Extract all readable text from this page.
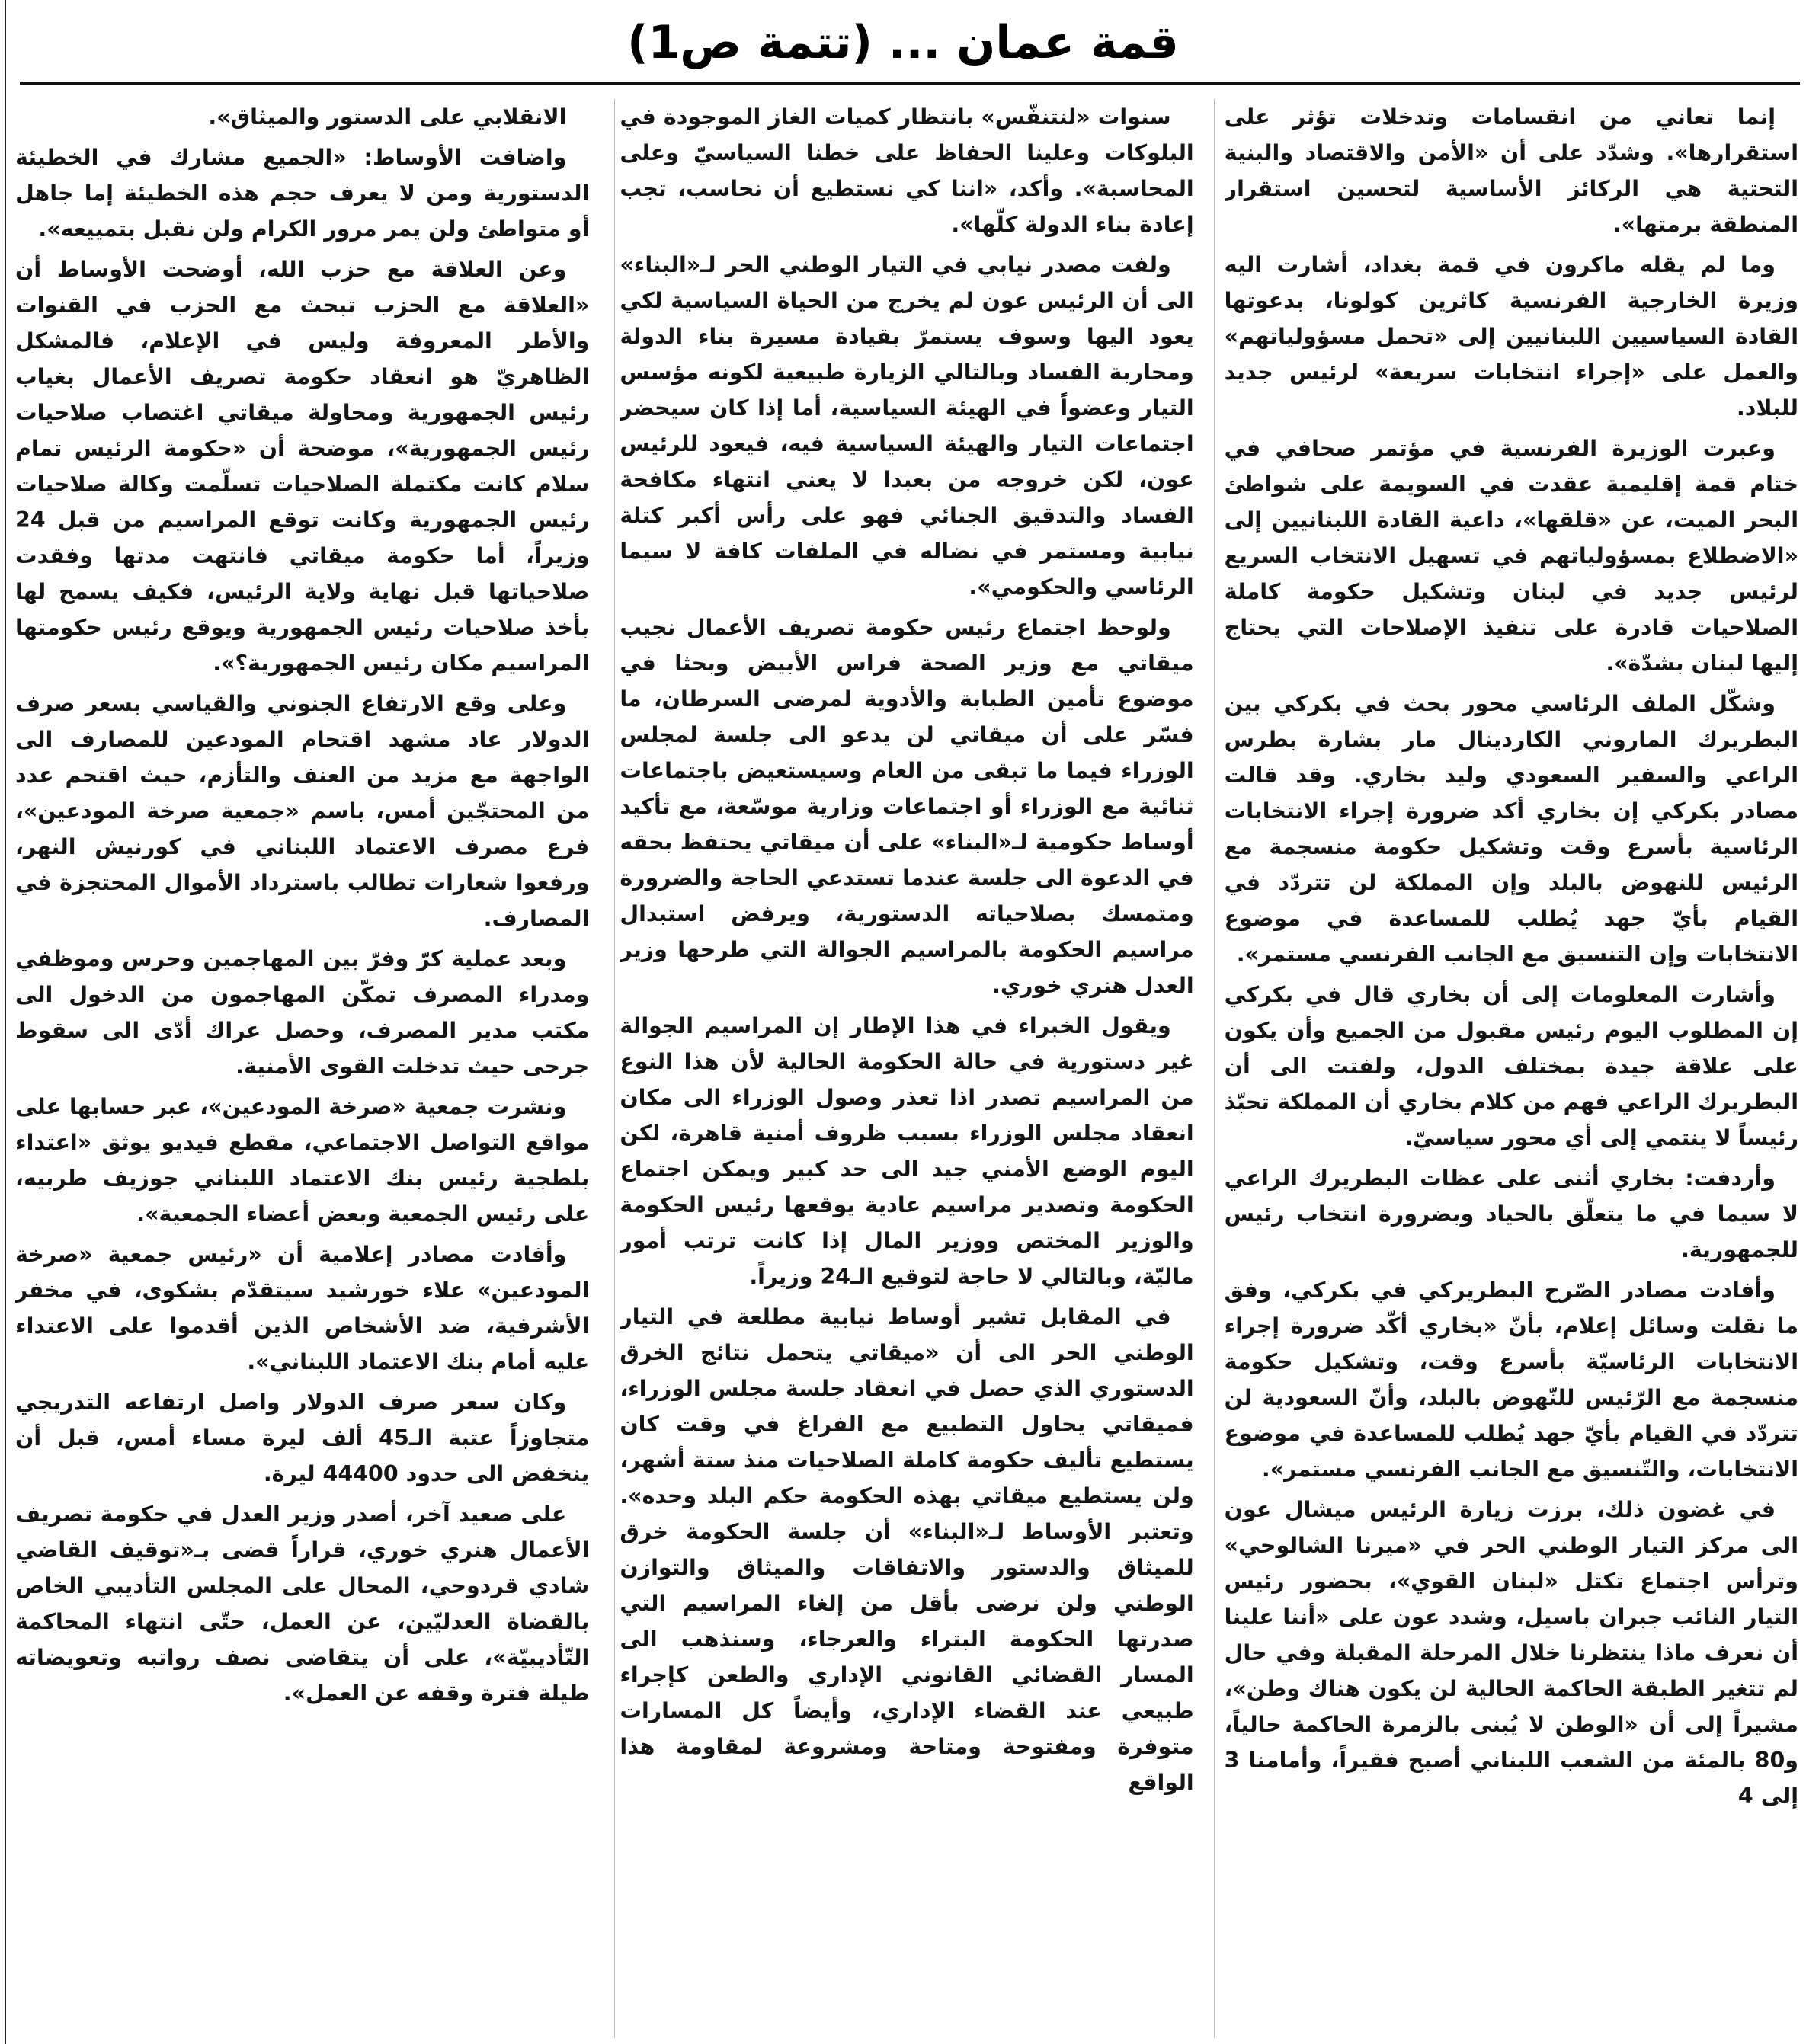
قمة عمان ... (تتمة ص1)

إنما تعاني من انقسامات وتدخلات تؤثر على استقرارها». وشدّد على أن «الأمن والاقتصاد والبنية التحتية هي الركائز الأساسية لتحسين استقرار المنطقة برمتها».

وما لم يقله ماكرون في قمة بغداد، أشارت اليه وزيرة الخارجية الفرنسية كاثرين كولونا، بدعوتها القادة السياسيين اللبنانيين إلى «تحمل مسؤولياتهم» والعمل على «إجراء انتخابات سريعة» لرئيس جديد للبلاد.

وعبرت الوزيرة الفرنسية في مؤتمر صحافي في ختام قمة إقليمية عقدت في السويمة على شواطئ البحر الميت، عن «قلقها»، داعية القادة اللبنانيين إلى «الاضطلاع بمسؤولياتهم في تسهيل الانتخاب السريع لرئيس جديد في لبنان وتشكيل حكومة كاملة الصلاحيات قادرة على تنفيذ الإصلاحات التي يحتاج إليها لبنان بشدّة».

وشكّل الملف الرئاسي محور بحث في بكركي بين البطريرك الماروني الكاردينال مار بشارة بطرس الراعي والسفير السعودي وليد بخاري. وقد قالت مصادر بكركي إن بخاري أكد ضرورة إجراء الانتخابات الرئاسية بأسرع وقت وتشكيل حكومة منسجمة مع الرئيس للنهوض بالبلد وإن المملكة لن تتردّد في القيام بأيّ جهد يُطلب للمساعدة في موضوع الانتخابات وإن التنسيق مع الجانب الفرنسي مستمر».

وأشارت المعلومات إلى أن بخاري قال في بكركي إن المطلوب اليوم رئيس مقبول من الجميع وأن يكون على علاقة جيدة بمختلف الدول، ولفتت الى أن البطريرك الراعي فهم من كلام بخاري أن المملكة تحبّذ رئيساً لا ينتمي إلى أي محور سياسيّ.

وأردفت: بخاري أثنى على عظات البطريرك الراعي لا سيما في ما يتعلّق بالحياد وبضرورة انتخاب رئيس للجمهورية.

وأفادت مصادر الصّرح البطريركي في بكركي، وفق ما نقلت وسائل إعلام، بأنّ «بخاري أكّد ضرورة إجراء الانتخابات الرئاسيّة بأسرع وقت، وتشكيل حكومة منسجمة مع الرّئيس للنّهوض بالبلد، وأنّ السعودية لن تتردّد في القيام بأيّ جهد يُطلب للمساعدة في موضوع الانتخابات، والتّنسيق مع الجانب الفرنسي مستمر».

في غضون ذلك، برزت زيارة الرئيس ميشال عون الى مركز التيار الوطني الحر في «ميرنا الشالوحي» وترأس اجتماع تكتل «لبنان القوي»، بحضور رئيس التيار النائب جبران باسيل، وشدد عون على «أننا علينا أن نعرف ماذا ينتظرنا خلال المرحلة المقبلة وفي حال لم تتغير الطبقة الحاكمة الحالية لن يكون هناك وطن»، مشيراً إلى أن «الوطن لا يُبنى بالزمرة الحاكمة حالياً، و80 بالمئة من الشعب اللبناني أصبح فقيراً، وأمامنا 3 إلى 4

سنوات «لنتنفّس» بانتظار كميات الغاز الموجودة في البلوكات وعلينا الحفاظ على خطنا السياسيّ وعلى المحاسبة». وأكد، «اننا كي نستطيع أن نحاسب، تجب إعادة بناء الدولة كلّها».

ولفت مصدر نيابي في التيار الوطني الحر لـ«البناء» الى أن الرئيس عون لم يخرج من الحياة السياسية لكي يعود اليها وسوف يستمرّ بقيادة مسيرة بناء الدولة ومحاربة الفساد وبالتالي الزيارة طبيعية لكونه مؤسس التيار وعضواً في الهيئة السياسية، أما إذا كان سيحضر اجتماعات التيار والهيئة السياسية فيه، فيعود للرئيس عون، لكن خروجه من بعبدا لا يعني انتهاء مكافحة الفساد والتدقيق الجنائي فهو على رأس أكبر كتلة نيابية ومستمر في نضاله في الملفات كافة لا سيما الرئاسي والحكومي».

ولوحظ اجتماع رئيس حكومة تصريف الأعمال نجيب ميقاتي مع وزير الصحة فراس الأبيض وبحثا في موضوع تأمين الطبابة والأدوية لمرضى السرطان، ما فسّر على أن ميقاتي لن يدعو الى جلسة لمجلس الوزراء فيما ما تبقى من العام وسيستعيض باجتماعات ثنائية مع الوزراء أو اجتماعات وزارية موسّعة، مع تأكيد أوساط حكومية لـ«البناء» على أن ميقاتي يحتفظ بحقه في الدعوة الى جلسة عندما تستدعي الحاجة والضرورة ومتمسك بصلاحياته الدستورية، ويرفض استبدال مراسيم الحكومة بالمراسيم الجوالة التي طرحها وزير العدل هنري خوري.

ويقول الخبراء في هذا الإطار إن المراسيم الجوالة غير دستورية في حالة الحكومة الحالية لأن هذا النوع من المراسيم تصدر اذا تعذر وصول الوزراء الى مكان انعقاد مجلس الوزراء بسبب ظروف أمنية قاهرة، لكن اليوم الوضع الأمني جيد الى حد كبير ويمكن اجتماع الحكومة وتصدير مراسيم عادية يوقعها رئيس الحكومة والوزير المختص ووزير المال إذا كانت ترتب أمور ماليّة، وبالتالي لا حاجة لتوقيع الـ24 وزيراً.

في المقابل تشير أوساط نيابية مطلعة في التيار الوطني الحر الى أن «ميقاتي يتحمل نتائج الخرق الدستوري الذي حصل في انعقاد جلسة مجلس الوزراء، فميقاتي يحاول التطبيع مع الفراغ في وقت كان يستطيع تأليف حكومة كاملة الصلاحيات منذ ستة أشهر، ولن يستطيع ميقاتي بهذه الحكومة حكم البلد وحده». وتعتبر الأوساط لـ«البناء» أن جلسة الحكومة خرق للميثاق والدستور والاتفاقات والميثاق والتوازن الوطني ولن نرضى بأقل من إلغاء المراسيم التي صدرتها الحكومة البتراء والعرجاء، وسنذهب الى المسار القضائي القانوني الإداري والطعن كإجراء طبيعي عند القضاء الإداري، وأيضاً كل المسارات متوفرة ومفتوحة ومتاحة ومشروعة لمقاومة هذا الواقع

الانقلابي على الدستور والميثاق».

واضافت الأوساط: «الجميع مشارك في الخطيئة الدستورية ومن لا يعرف حجم هذه الخطيئة إما جاهل أو متواطئ ولن يمر مرور الكرام ولن نقبل بتمييعه».

وعن العلاقة مع حزب الله، أوضحت الأوساط أن «العلاقة مع الحزب تبحث مع الحزب في القنوات والأطر المعروفة وليس في الإعلام، فالمشكل الظاهريّ هو انعقاد حكومة تصريف الأعمال بغياب رئيس الجمهورية ومحاولة ميقاتي اغتصاب صلاحيات رئيس الجمهورية»، موضحة أن «حكومة الرئيس تمام سلام كانت مكتملة الصلاحيات تسلّمت وكالة صلاحيات رئيس الجمهورية وكانت توقع المراسيم من قبل 24 وزيراً، أما حكومة ميقاتي فانتهت مدتها وفقدت صلاحياتها قبل نهاية ولاية الرئيس، فكيف يسمح لها بأخذ صلاحيات رئيس الجمهورية ويوقع رئيس حكومتها المراسيم مكان رئيس الجمهورية؟».

وعلى وقع الارتفاع الجنوني والقياسي بسعر صرف الدولار عاد مشهد اقتحام المودعين للمصارف الى الواجهة مع مزيد من العنف والتأزم، حيث اقتحم عدد من المحتجّين أمس، باسم «جمعية صرخة المودعين»، فرع مصرف الاعتماد اللبناني في كورنيش النهر، ورفعوا شعارات تطالب باسترداد الأموال المحتجزة في المصارف.

وبعد عملية كرّ وفرّ بين المهاجمين وحرس وموظفي ومدراء المصرف تمكّن المهاجمون من الدخول الى مكتب مدير المصرف، وحصل عراك أدّى الى سقوط جرحى حيث تدخلت القوى الأمنية.

ونشرت جمعية «صرخة المودعين»، عبر حسابها على مواقع التواصل الاجتماعي، مقطع فيديو يوثق «اعتداء بلطجية رئيس بنك الاعتماد اللبناني جوزيف طربيه، على رئيس الجمعية وبعض أعضاء الجمعية».

وأفادت مصادر إعلامية أن «رئيس جمعية «صرخة المودعين» علاء خورشيد سيتقدّم بشكوى، في مخفر الأشرفية، ضد الأشخاص الذين أقدموا على الاعتداء عليه أمام بنك الاعتماد اللبناني».

وكان سعر صرف الدولار واصل ارتفاعه التدريجي متجاوزاً عتبة الـ45 ألف ليرة مساء أمس، قبل أن ينخفض الى حدود 44400 ليرة.

على صعيد آخر، أصدر وزير العدل في حكومة تصريف الأعمال هنري خوري، قراراً قضى بـ«توقيف القاضي شادي قردوحي، المحال على المجلس التأديبي الخاص بالقضاة العدليّين، عن العمل، حتّى انتهاء المحاكمة التّأديبيّة»، على أن يتقاضى نصف رواتبه وتعويضاته طيلة فترة وقفه عن العمل».
